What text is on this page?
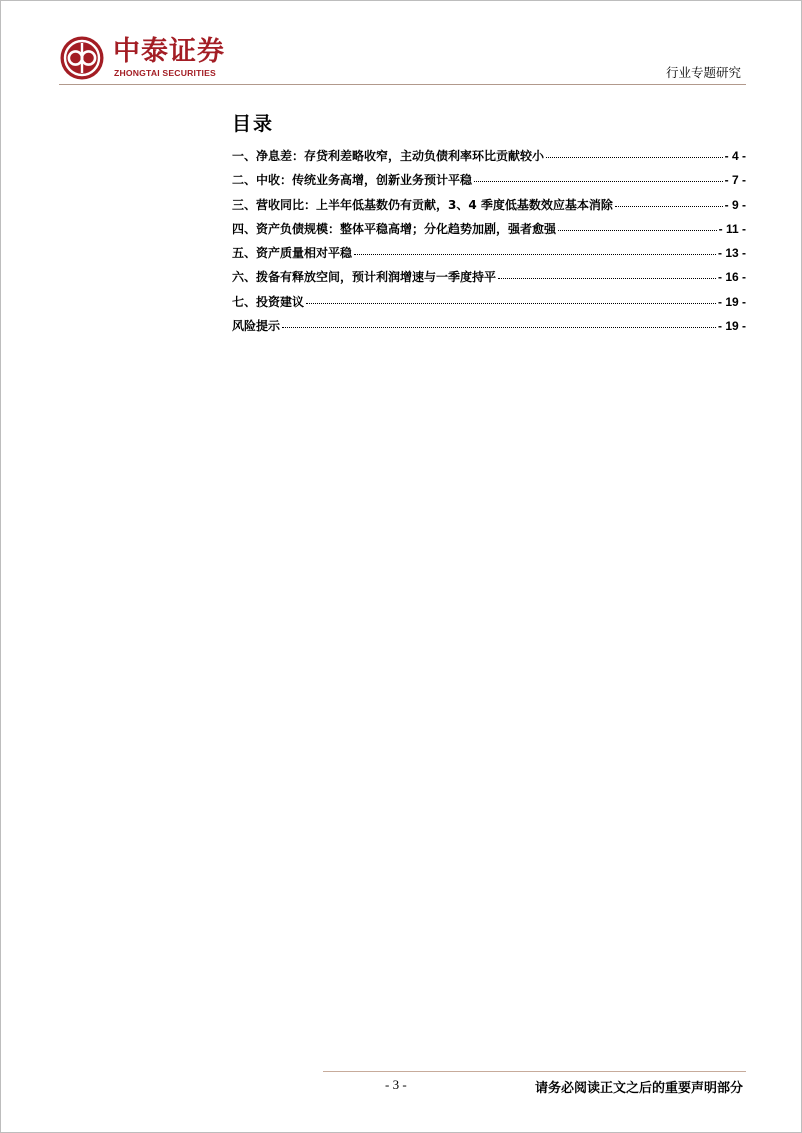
中泰证券
ZHONGTAI SECURITIES	行业专题研究
目录
一、净息差：存贷利差略收窄，主动负债利率环比贡献较小	- 4 -
二、中收：传统业务高增，创新业务预计平稳	- 7 -
三、营收同比：上半年低基数仍有贡献，3、4 季度低基数效应基本消除	- 9 -
四、资产负债规模：整体平稳高增；分化趋势加剧，强者愈强	- 11 -
五、资产质量相对平稳	- 13 -
六、拨备有释放空间，预计利润增速与一季度持平	- 16 -
七、投资建议	- 19 -
风险提示	- 19 -
- 3 -	请务必阅读正文之后的重要声明部分
